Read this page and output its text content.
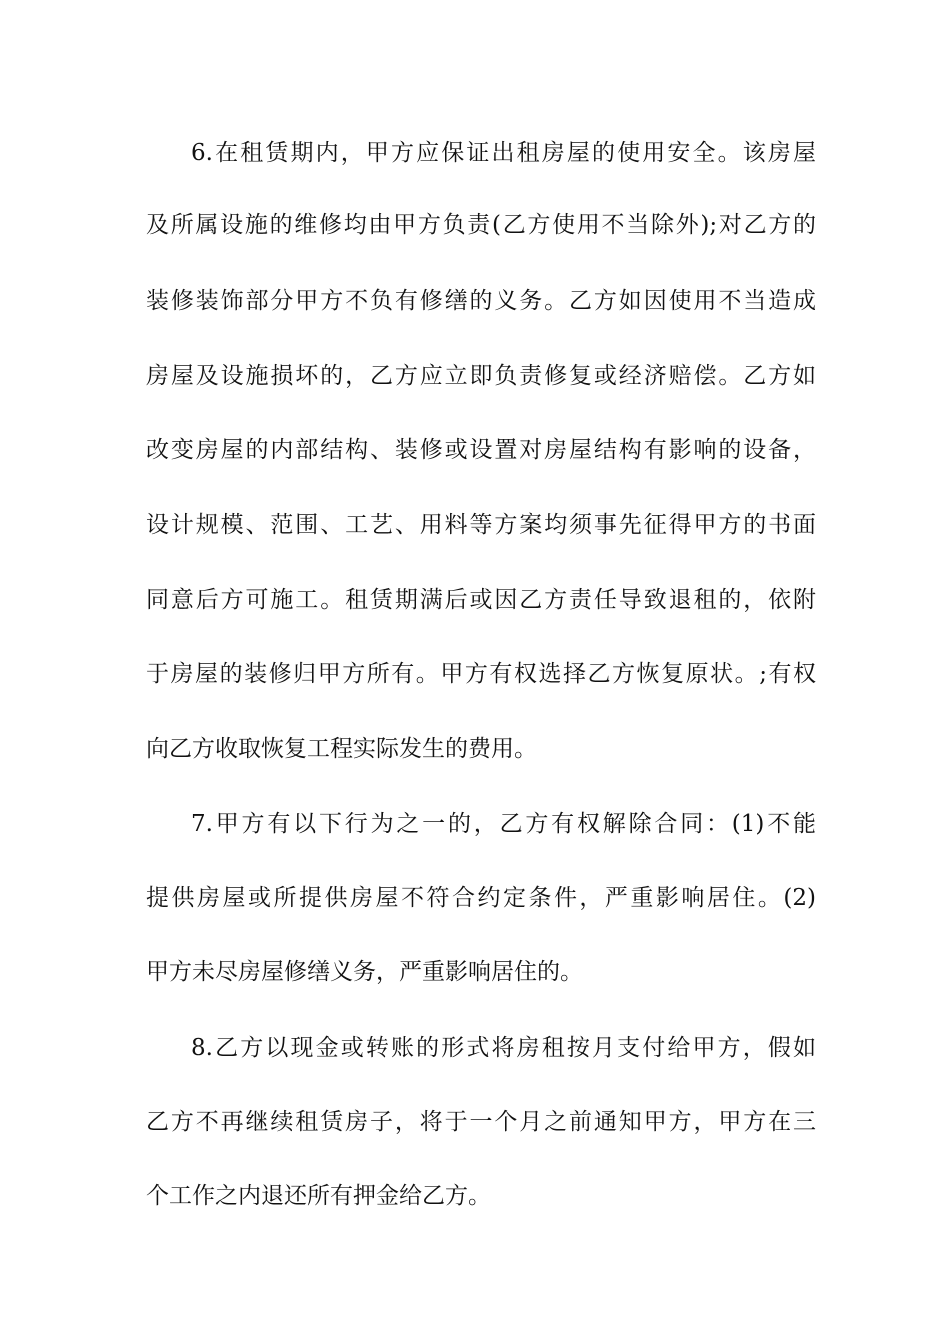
6.在租赁期内，甲方应保证出租房屋的使用安全。该房屋
及所属设施的维修均由甲方负责(乙方使用不当除外);对乙方的
装修装饰部分甲方不负有修缮的义务。乙方如因使用不当造成
房屋及设施损坏的，乙方应立即负责修复或经济赔偿。乙方如
改变房屋的内部结构、装修或设置对房屋结构有影响的设备，
设计规模、范围、工艺、用料等方案均须事先征得甲方的书面
同意后方可施工。租赁期满后或因乙方责任导致退租的，依附
于房屋的装修归甲方所有。甲方有权选择乙方恢复原状。;有权
向乙方收取恢复工程实际发生的费用。
7.甲方有以下行为之一的，乙方有权解除合同：(1)不能
提供房屋或所提供房屋不符合约定条件，严重影响居住。(2)
甲方未尽房屋修缮义务，严重影响居住的。
8.乙方以现金或转账的形式将房租按月支付给甲方，假如
乙方不再继续租赁房子，将于一个月之前通知甲方，甲方在三
个工作之内退还所有押金给乙方。
